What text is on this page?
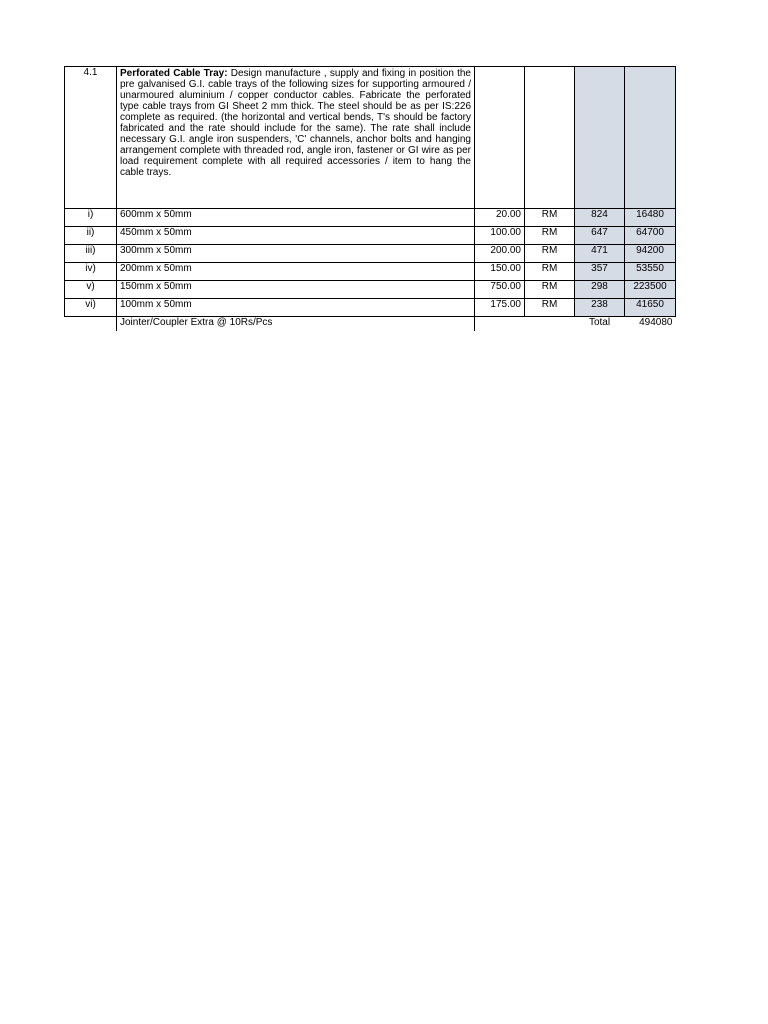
4.1	Perforated Cable Tray: Design manufacture , supply and fixing in position the pre galvanised G.I. cable trays of the following sizes for supporting armoured / unarmoured aluminium / copper conductor cables. Fabricate the perforated type cable trays from GI Sheet 2 mm thick. The steel should be as per IS:226 complete as required. (the horizontal and vertical bends, T's should be factory fabricated and the rate should include for the same). The rate shall include necessary G.I. angle iron suspenders, 'C' channels, anchor bolts and hanging arrangement complete with threaded rod, angle iron, fastener or GI wire as per load requirement complete with all required accessories / item to hang the cable trays.				
i)	600mm x 50mm	20.00	RM	824	16480
ii)	450mm x 50mm	100.00	RM	647	64700
iii)	300mm x 50mm	200.00	RM	471	94200
iv)	200mm x 50mm	150.00	RM	357	53550
v)	150mm x 50mm	750.00	RM	298	223500
vi)	100mm x 50mm	175.00	RM	238	41650
	Jointer/Coupler Extra @ 10Rs/Pcs			Total	494080
